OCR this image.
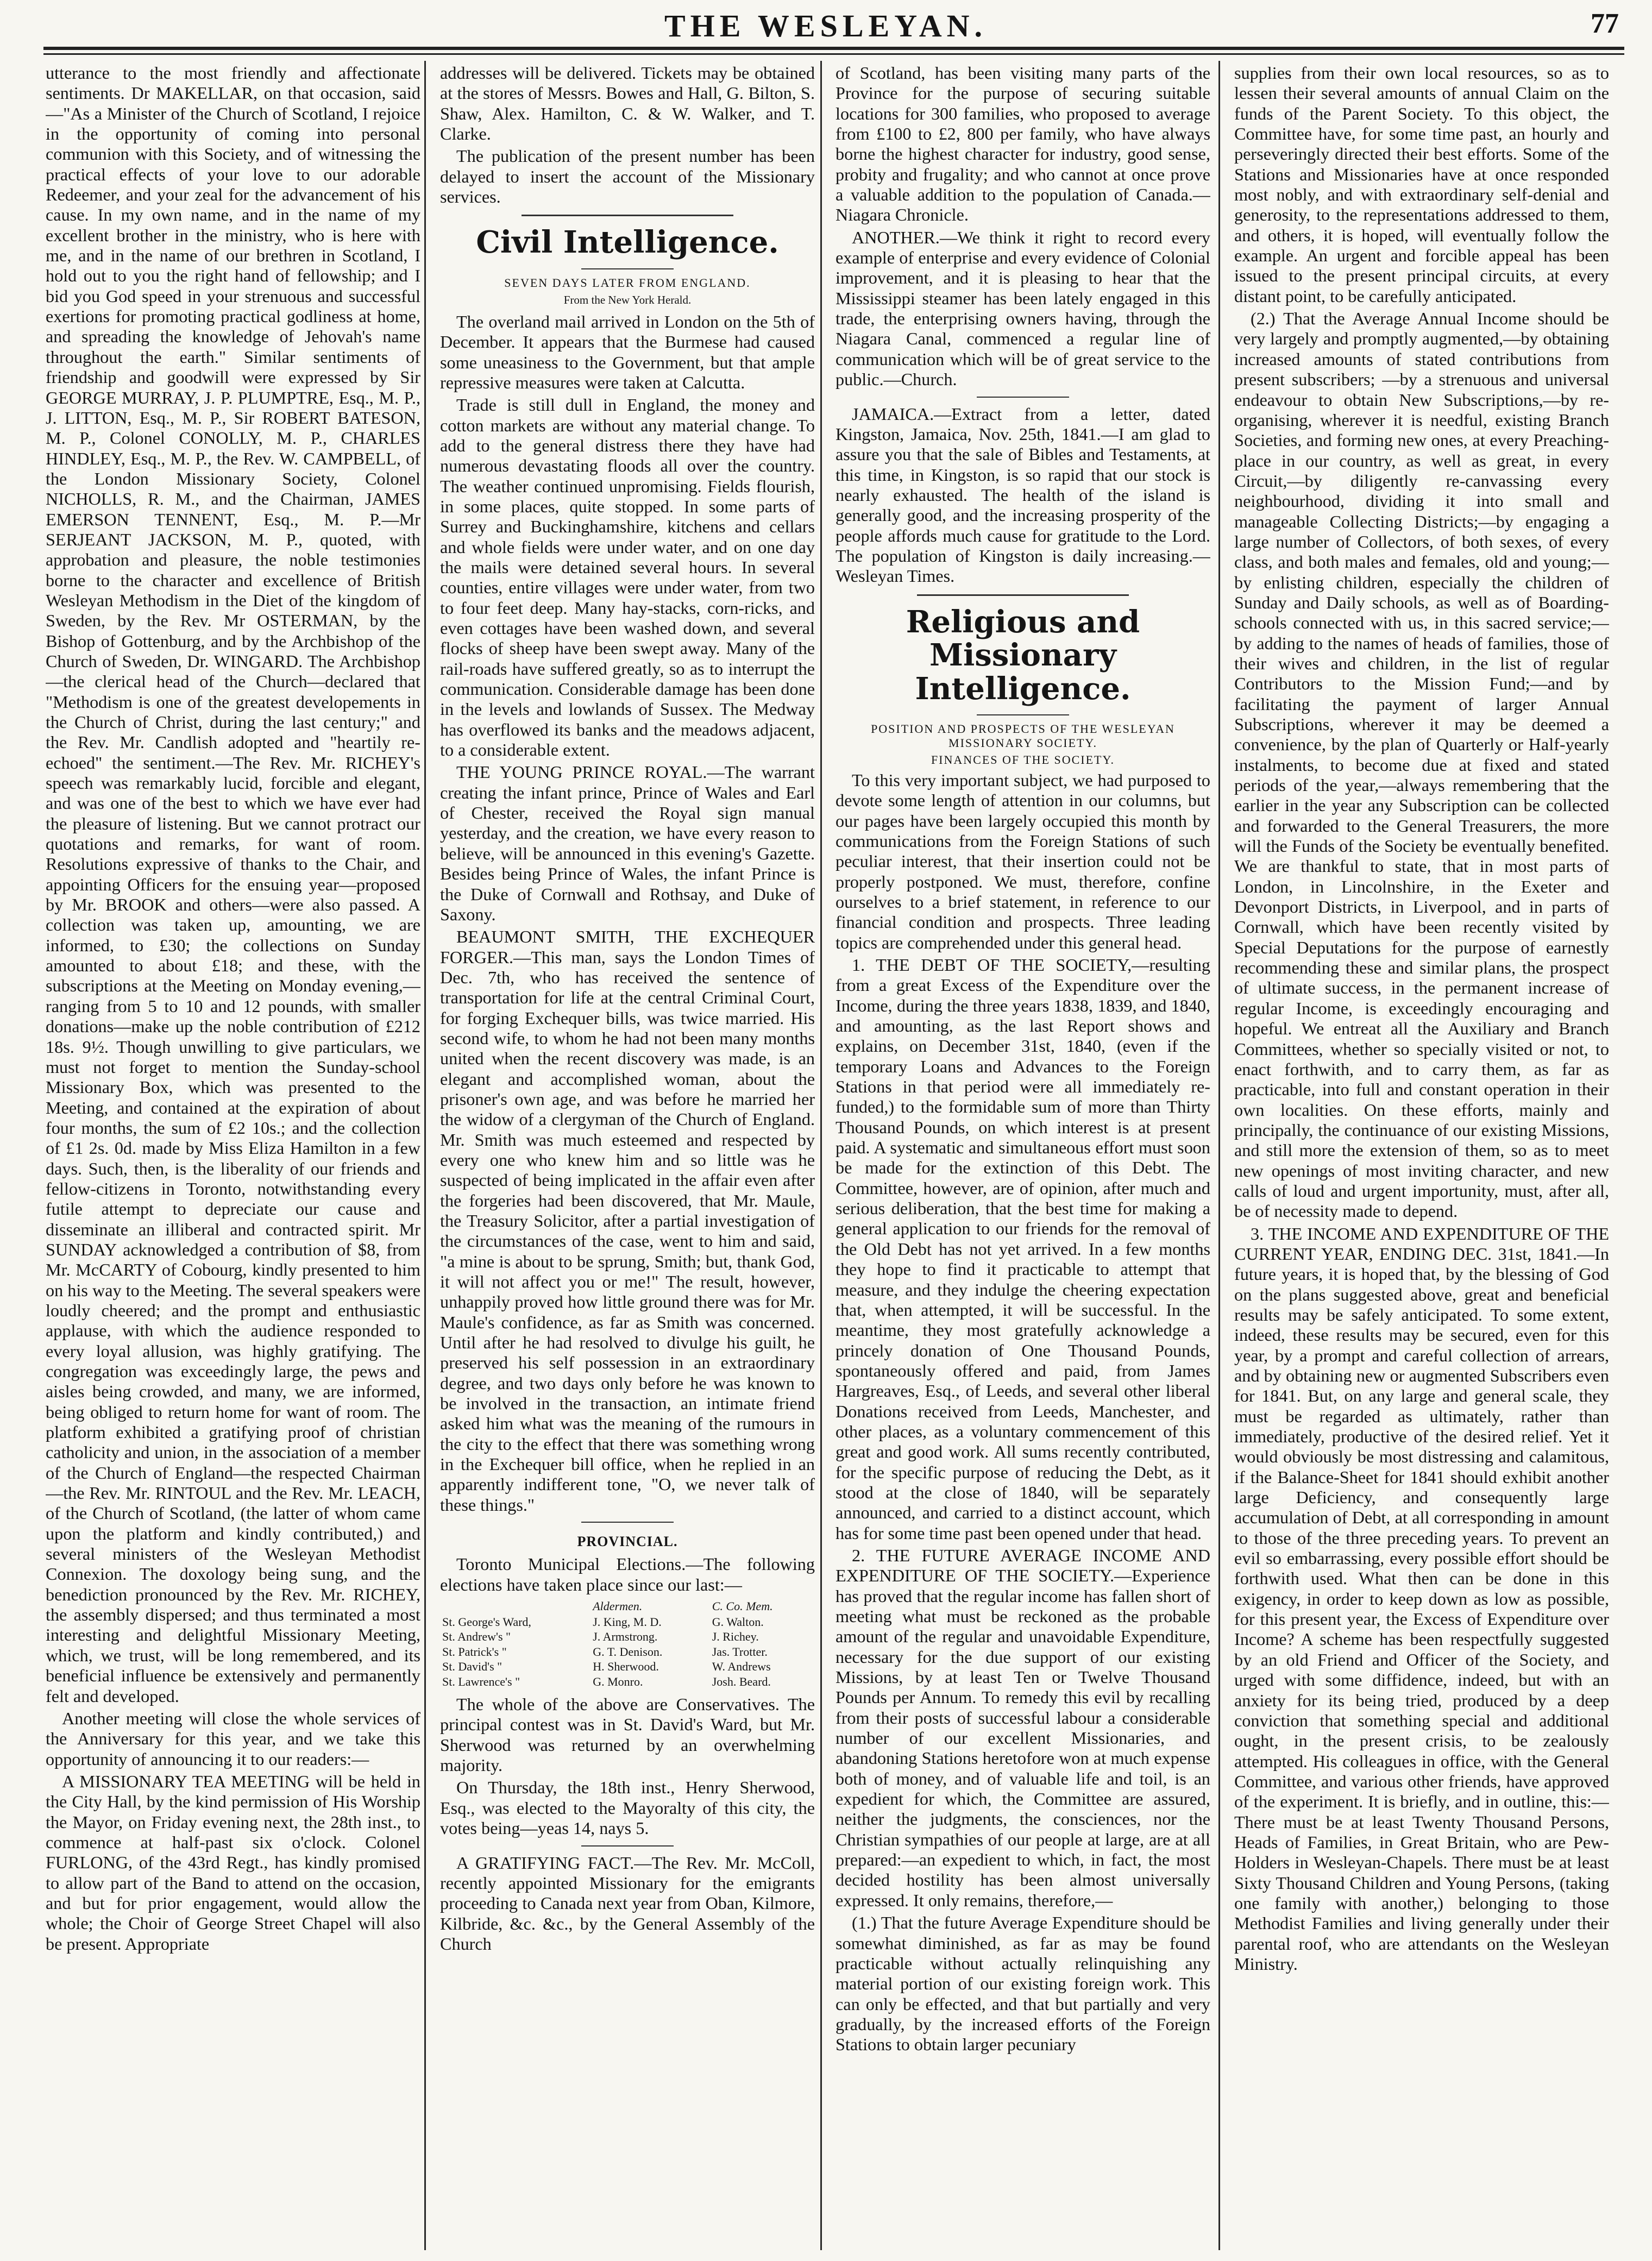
THE WESLEYAN.	77

utterance to the most friendly and affectionate sentiments. Dr MAKELLAR, on that occasion, said—"As a Minister of the Church of Scotland, I rejoice in the opportunity of coming into personal communion with this Society, and of witnessing the practical effects of your love to our adorable Redeemer, and your zeal for the advancement of his cause. In my own name, and in the name of my excellent brother in the ministry, who is here with me, and in the name of our brethren in Scotland, I hold out to you the right hand of fellowship; and I bid you God speed in your strenuous and successful exertions for promoting practical godliness at home, and spreading the knowledge of Jehovah's name throughout the earth." Similar sentiments of friendship and goodwill were expressed by Sir GEORGE MURRAY, J. P. PLUMPTRE, Esq., M. P., J. LITTON, Esq., M. P., Sir ROBERT BATESON, M. P., Colonel CONOLLY, M. P., CHARLES HINDLEY, Esq., M. P., the Rev. W. CAMPBELL, of the London Missionary Society, Colonel NICHOLLS, R. M., and the Chairman, JAMES EMERSON TENNENT, Esq., M. P.—Mr SERJEANT JACKSON, M. P., quoted, with approbation and pleasure, the noble testimonies borne to the character and excellence of British Wesleyan Methodism in the Diet of the kingdom of Sweden, by the Rev. Mr OSTERMAN, by the Bishop of Gottenburg, and by the Archbishop of the Church of Sweden, Dr. WINGARD. The Archbishop—the clerical head of the Church—declared that "Methodism is one of the greatest developements in the Church of Christ, during the last century;" and the Rev. Mr. Candlish adopted and "heartily re-echoed" the sentiment.—The Rev. Mr. RICHEY's speech was remarkably lucid, forcible and elegant, and was one of the best to which we have ever had the pleasure of listening. But we cannot protract our quotations and remarks, for want of room. Resolutions expressive of thanks to the Chair, and appointing Officers for the ensuing year—proposed by Mr. BROOK and others—were also passed. A collection was taken up, amounting, we are informed, to £30; the collections on Sunday amounted to about £18; and these, with the subscriptions at the Meeting on Monday evening,—ranging from 5 to 10 and 12 pounds, with smaller donations—make up the noble contribution of £212 18s. 9½. Though unwilling to give particulars, we must not forget to mention the Sunday-school Missionary Box, which was presented to the Meeting, and contained at the expiration of about four months, the sum of £2 10s.; and the collection of £1 2s. 0d. made by Miss Eliza Hamilton in a few days. Such, then, is the liberality of our friends and fellow-citizens in Toronto, notwithstanding every futile attempt to depreciate our cause and disseminate an illiberal and contracted spirit. Mr SUNDAY acknowledged a contribution of $8, from Mr. McCARTY of Cobourg, kindly presented to him on his way to the Meeting. The several speakers were loudly cheered; and the prompt and enthusiastic applause, with which the audience responded to every loyal allusion, was highly gratifying. The congregation was exceedingly large, the pews and aisles being crowded, and many, we are informed, being obliged to return home for want of room. The platform exhibited a gratifying proof of christian catholicity and union, in the association of a member of the Church of England—the respected Chairman—the Rev. Mr. RINTOUL and the Rev. Mr. LEACH, of the Church of Scotland, (the latter of whom came upon the platform and kindly contributed,) and several ministers of the Wesleyan Methodist Connexion. The doxology being sung, and the benediction pronounced by the Rev. Mr. RICHEY, the assembly dispersed; and thus terminated a most interesting and delightful Missionary Meeting, which, we trust, will be long remembered, and its beneficial influence be extensively and permanently felt and developed.

Another meeting will close the whole services of the Anniversary for this year, and we take this opportunity of announcing it to our readers:—

A MISSIONARY TEA MEETING will be held in the City Hall, by the kind permission of His Worship the Mayor, on Friday evening next, the 28th inst., to commence at half-past six o'clock. Colonel FURLONG, of the 43rd Regt., has kindly promised to allow part of the Band to attend on the occasion, and but for prior engagement, would allow the whole; the Choir of George Street Chapel will also be present. Appropriate

addresses will be delivered. Tickets may be obtained at the stores of Messrs. Bowes and Hall, G. Bilton, S. Shaw, Alex. Hamilton, C. & W. Walker, and T. Clarke.

The publication of the present number has been delayed to insert the account of the Missionary services.

Civil Intelligence.
SEVEN DAYS LATER FROM ENGLAND.
From the New York Herald.

The overland mail arrived in London on the 5th of December. It appears that the Burmese had caused some uneasiness to the Government, but that ample repressive measures were taken at Calcutta.

Trade is still dull in England, the money and cotton markets are without any material change. To add to the general distress there they have had numerous devastating floods all over the country. The weather continued unpromising. Fields flourish, in some places, quite stopped. In some parts of Surrey and Buckinghamshire, kitchens and cellars and whole fields were under water, and on one day the mails were detained several hours. In several counties, entire villages were under water, from two to four feet deep. Many hay-stacks, corn-ricks, and even cottages have been washed down, and several flocks of sheep have been swept away. Many of the rail-roads have suffered greatly, so as to interrupt the communication. Considerable damage has been done in the levels and lowlands of Sussex. The Medway has overflowed its banks and the meadows adjacent, to a considerable extent.

THE YOUNG PRINCE ROYAL.—The warrant creating the infant prince, Prince of Wales and Earl of Chester, received the Royal sign manual yesterday, and the creation, we have every reason to believe, will be announced in this evening's Gazette. Besides being Prince of Wales, the infant Prince is the Duke of Cornwall and Rothsay, and Duke of Saxony.

BEAUMONT SMITH, THE EXCHEQUER FORGER.—This man, says the London Times of Dec. 7th, who has received the sentence of transportation for life at the central Criminal Court, for forging Exchequer bills, was twice married. His second wife, to whom he had not been many months united when the recent discovery was made, is an elegant and accomplished woman, about the prisoner's own age, and was before he married her the widow of a clergyman of the Church of England. Mr. Smith was much esteemed and respected by every one who knew him and so little was he suspected of being implicated in the affair even after the forgeries had been discovered, that Mr. Maule, the Treasury Solicitor, after a partial investigation of the circumstances of the case, went to him and said, "a mine is about to be sprung, Smith; but, thank God, it will not affect you or me!" The result, however, unhappily proved how little ground there was for Mr. Maule's confidence, as far as Smith was concerned. Until after he had resolved to divulge his guilt, he preserved his self possession in an extraordinary degree, and two days only before he was known to be involved in the transaction, an intimate friend asked him what was the meaning of the rumours in the city to the effect that there was something wrong in the Exchequer bill office, when he replied in an apparently indifferent tone, "O, we never talk of these things."

PROVINCIAL.

Toronto Municipal Elections.—The following elections have taken place since our last:—

	Aldermen.	C. Co. Mem.
St. George's Ward,	J. King, M. D.	G. Walton.
St. Andrew's "	J. Armstrong.	J. Richey.
St. Patrick's "	G. T. Denison.	Jas. Trotter.
St. David's "	H. Sherwood.	W. Andrews
St. Lawrence's "	G. Monro.	Josh. Beard.

The whole of the above are Conservatives. The principal contest was in St. David's Ward, but Mr. Sherwood was returned by an overwhelming majority.

On Thursday, the 18th inst., Henry Sherwood, Esq., was elected to the Mayoralty of this city, the votes being—yeas 14, nays 5.

A GRATIFYING FACT.—The Rev. Mr. McColl, recently appointed Missionary for the emigrants proceeding to Canada next year from Oban, Kilmore, Kilbride, &c. &c., by the General Assembly of the Church

of Scotland, has been visiting many parts of the Province for the purpose of securing suitable locations for 300 families, who proposed to average from £100 to £2, 800 per family, who have always borne the highest character for industry, good sense, probity and frugality; and who cannot at once prove a valuable addition to the population of Canada.—Niagara Chronicle.

ANOTHER.—We think it right to record every example of enterprise and every evidence of Colonial improvement, and it is pleasing to hear that the Mississippi steamer has been lately engaged in this trade, the enterprising owners having, through the Niagara Canal, commenced a regular line of communication which will be of great service to the public.—Church.

JAMAICA.—Extract from a letter, dated Kingston, Jamaica, Nov. 25th, 1841.—I am glad to assure you that the sale of Bibles and Testaments, at this time, in Kingston, is so rapid that our stock is nearly exhausted. The health of the island is generally good, and the increasing prosperity of the people affords much cause for gratitude to the Lord. The population of Kingston is daily increasing.—Wesleyan Times.

Religious and Missionary Intelligence.
POSITION AND PROSPECTS OF THE WESLEYAN MISSIONARY SOCIETY.
FINANCES OF THE SOCIETY.

To this very important subject, we had purposed to devote some length of attention in our columns, but our pages have been largely occupied this month by communications from the Foreign Stations of such peculiar interest, that their insertion could not be properly postponed. We must, therefore, confine ourselves to a brief statement, in reference to our financial condition and prospects. Three leading topics are comprehended under this general head.

1. THE DEBT OF THE SOCIETY,—resulting from a great Excess of the Expenditure over the Income, during the three years 1838, 1839, and 1840, and amounting, as the last Report shows and explains, on December 31st, 1840, (even if the temporary Loans and Advances to the Foreign Stations in that period were all immediately re-funded,) to the formidable sum of more than Thirty Thousand Pounds, on which interest is at present paid. A systematic and simultaneous effort must soon be made for the extinction of this Debt. The Committee, however, are of opinion, after much and serious deliberation, that the best time for making a general application to our friends for the removal of the Old Debt has not yet arrived. In a few months they hope to find it practicable to attempt that measure, and they indulge the cheering expectation that, when attempted, it will be successful. In the meantime, they most gratefully acknowledge a princely donation of One Thousand Pounds, spontaneously offered and paid, from James Hargreaves, Esq., of Leeds, and several other liberal Donations received from Leeds, Manchester, and other places, as a voluntary commencement of this great and good work. All sums recently contributed, for the specific purpose of reducing the Debt, as it stood at the close of 1840, will be separately announced, and carried to a distinct account, which has for some time past been opened under that head.

2. THE FUTURE AVERAGE INCOME AND EXPENDITURE OF THE SOCIETY.—Experience has proved that the regular income has fallen short of meeting what must be reckoned as the probable amount of the regular and unavoidable Expenditure, necessary for the due support of our existing Missions, by at least Ten or Twelve Thousand Pounds per Annum. To remedy this evil by recalling from their posts of successful labour a considerable number of our excellent Missionaries, and abandoning Stations heretofore won at much expense both of money, and of valuable life and toil, is an expedient for which, the Committee are assured, neither the judgments, the consciences, nor the Christian sympathies of our people at large, are at all prepared:—an expedient to which, in fact, the most decided hostility has been almost universally expressed. It only remains, therefore,—

(1.) That the future Average Expenditure should be somewhat diminished, as far as may be found practicable without actually relinquishing any material portion of our existing foreign work. This can only be effected, and that but partially and very gradually, by the increased efforts of the Foreign Stations to obtain larger pecuniary

supplies from their own local resources, so as to lessen their several amounts of annual Claim on the funds of the Parent Society. To this object, the Committee have, for some time past, an hourly and perseveringly directed their best efforts. Some of the Stations and Missionaries have at once responded most nobly, and with extraordinary self-denial and generosity, to the representations addressed to them, and others, it is hoped, will eventually follow the example. An urgent and forcible appeal has been issued to the present principal circuits, at every distant point, to be carefully anticipated.

(2.) That the Average Annual Income should be very largely and promptly augmented,—by obtaining increased amounts of stated contributions from present subscribers; —by a strenuous and universal endeavour to obtain New Subscriptions,—by re-organising, wherever it is needful, existing Branch Societies, and forming new ones, at every Preaching-place in our country, as well as great, in every Circuit,—by diligently re-canvassing every neighbourhood, dividing it into small and manageable Collecting Districts;—by engaging a large number of Collectors, of both sexes, of every class, and both males and females, old and young;—by enlisting children, especially the children of Sunday and Daily schools, as well as of Boarding-schools connected with us, in this sacred service;—by adding to the names of heads of families, those of their wives and children, in the list of regular Contributors to the Mission Fund;—and by facilitating the payment of larger Annual Subscriptions, wherever it may be deemed a convenience, by the plan of Quarterly or Half-yearly instalments, to become due at fixed and stated periods of the year,—always remembering that the earlier in the year any Subscription can be collected and forwarded to the General Treasurers, the more will the Funds of the Society be eventually benefited. We are thankful to state, that in most parts of London, in Lincolnshire, in the Exeter and Devonport Districts, in Liverpool, and in parts of Cornwall, which have been recently visited by Special Deputations for the purpose of earnestly recommending these and similar plans, the prospect of ultimate success, in the permanent increase of regular Income, is exceedingly encouraging and hopeful. We entreat all the Auxiliary and Branch Committees, whether so specially visited or not, to enact forthwith, and to carry them, as far as practicable, into full and constant operation in their own localities. On these efforts, mainly and principally, the continuance of our existing Missions, and still more the extension of them, so as to meet new openings of most inviting character, and new calls of loud and urgent importunity, must, after all, be of necessity made to depend.

3. THE INCOME AND EXPENDITURE OF THE CURRENT YEAR, ENDING DEC. 31st, 1841.—In future years, it is hoped that, by the blessing of God on the plans suggested above, great and beneficial results may be safely anticipated. To some extent, indeed, these results may be secured, even for this year, by a prompt and careful collection of arrears, and by obtaining new or augmented Subscribers even for 1841. But, on any large and general scale, they must be regarded as ultimately, rather than immediately, productive of the desired relief. Yet it would obviously be most distressing and calamitous, if the Balance-Sheet for 1841 should exhibit another large Deficiency, and consequently large accumulation of Debt, at all corresponding in amount to those of the three preceding years. To prevent an evil so embarrassing, every possible effort should be forthwith used. What then can be done in this exigency, in order to keep down as low as possible, for this present year, the Excess of Expenditure over Income? A scheme has been respectfully suggested by an old Friend and Officer of the Society, and urged with some diffidence, indeed, but with an anxiety for its being tried, produced by a deep conviction that something special and additional ought, in the present crisis, to be zealously attempted. His colleagues in office, with the General Committee, and various other friends, have approved of the experiment. It is briefly, and in outline, this:—There must be at least Twenty Thousand Persons, Heads of Families, in Great Britain, who are Pew-Holders in Wesleyan-Chapels. There must be at least Sixty Thousand Children and Young Persons, (taking one family with another,) belonging to those Methodist Families and living generally under their parental roof, who are attendants on the Wesleyan Ministry.
